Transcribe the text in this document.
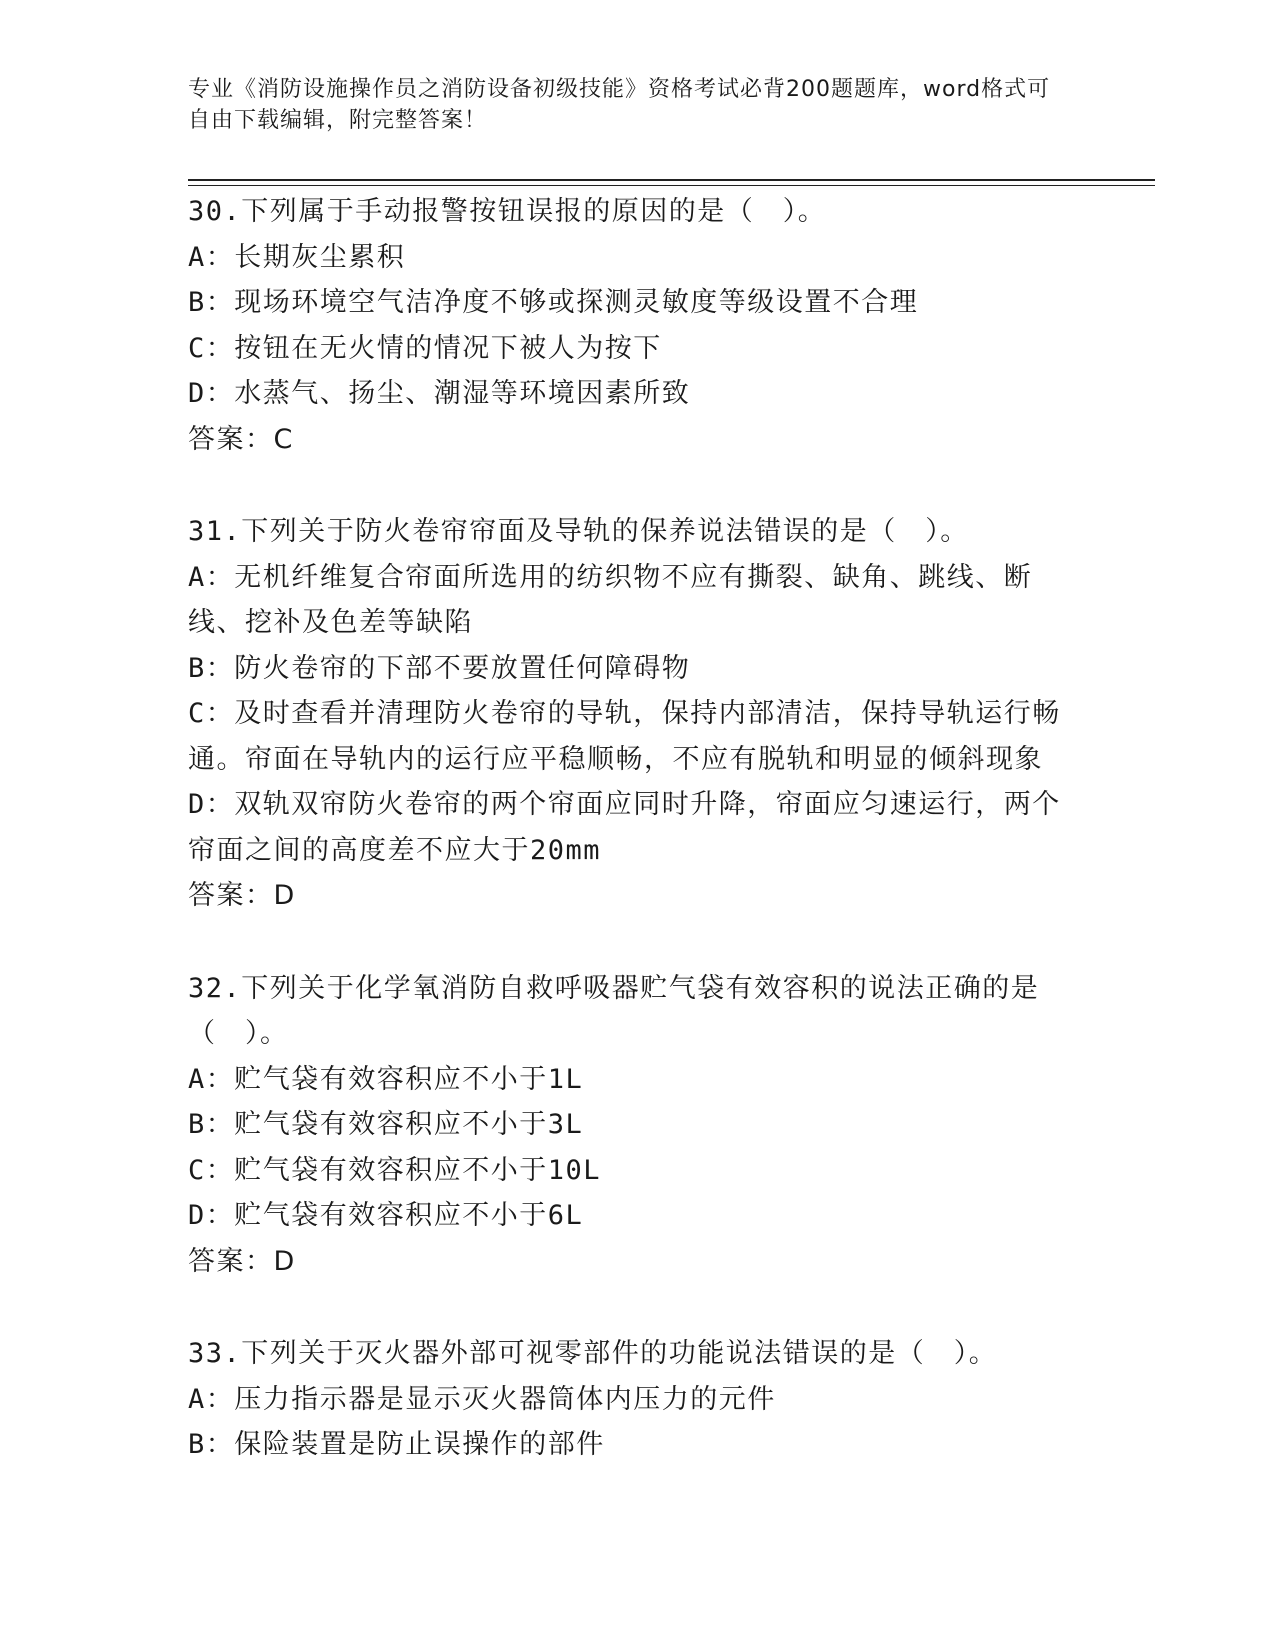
专业《消防设施操作员之消防设备初级技能》资格考试必背200题题库，word格式可自由下载编辑，附完整答案！

30.下列属于手动报警按钮误报的原因的是（　）。

A：长期灰尘累积

B：现场环境空气洁净度不够或探测灵敏度等级设置不合理

C：按钮在无火情的情况下被人为按下

D：水蒸气、扬尘、潮湿等环境因素所致

答案：C

31.下列关于防火卷帘帘面及导轨的保养说法错误的是（　）。

A：无机纤维复合帘面所选用的纺织物不应有撕裂、缺角、跳线、断线、挖补及色差等缺陷

B：防火卷帘的下部不要放置任何障碍物

C：及时查看并清理防火卷帘的导轨，保持内部清洁，保持导轨运行畅通。帘面在导轨内的运行应平稳顺畅，不应有脱轨和明显的倾斜现象

D：双轨双帘防火卷帘的两个帘面应同时升降，帘面应匀速运行，两个帘面之间的高度差不应大于20mm

答案：D

32.下列关于化学氧消防自救呼吸器贮气袋有效容积的说法正确的是（　）。

A：贮气袋有效容积应不小于1L

B：贮气袋有效容积应不小于3L

C：贮气袋有效容积应不小于10L

D：贮气袋有效容积应不小于6L

答案：D

33.下列关于灭火器外部可视零部件的功能说法错误的是（　）。

A：压力指示器是显示灭火器筒体内压力的元件

B：保险装置是防止误操作的部件
